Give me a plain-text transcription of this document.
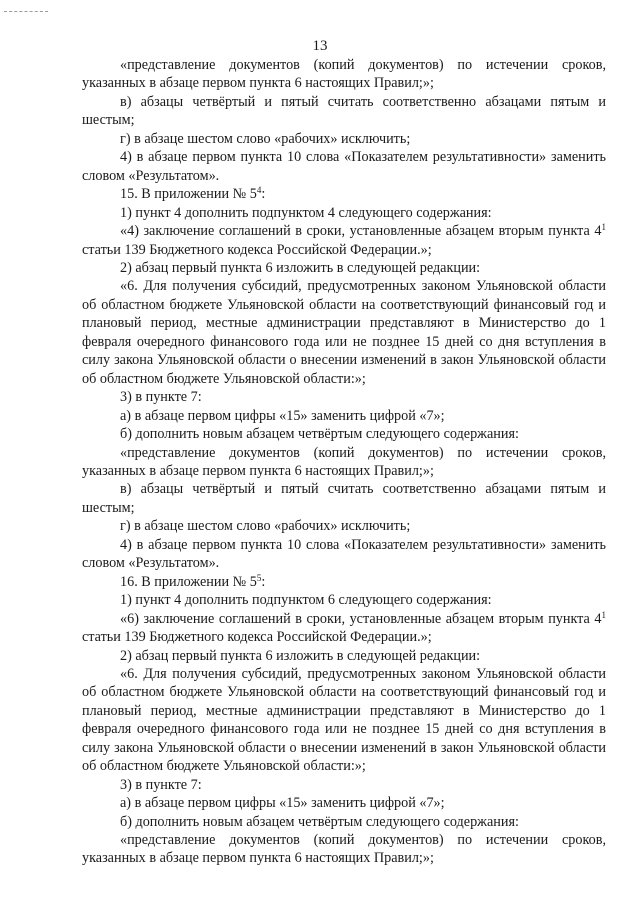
13

«представление документов (копий документов) по истечении сроков, указанных в абзаце первом пункта 6 настоящих Правил;»;

в) абзацы четвёртый и пятый считать соответственно абзацами пятым и шестым;

г) в абзаце шестом слово «рабочих» исключить;

4) в абзаце первом пункта 10 слова «Показателем результативности» заменить словом «Результатом».

15. В приложении № $5^4$:

1) пункт 4 дополнить подпунктом 4 следующего содержания:

«4) заключение соглашений в сроки, установленные абзацем вторым пункта $4^1$ статьи 139 Бюджетного кодекса Российской Федерации.»;

2) абзац первый пункта 6 изложить в следующей редакции:

«6. Для получения субсидий, предусмотренных законом Ульяновской области об областном бюджете Ульяновской области на соответствующий финансовый год и плановый период, местные администрации представляют в Министерство до 1 февраля очередного финансового года или не позднее 15 дней со дня вступления в силу закона Ульяновской области о внесении изменений в закон Ульяновской области об областном бюджете Ульяновской области:»;

3) в пункте 7:

а) в абзаце первом цифры «15» заменить цифрой «7»;

б) дополнить новым абзацем четвёртым следующего содержания:

«представление документов (копий документов) по истечении сроков, указанных в абзаце первом пункта 6 настоящих Правил;»;

в) абзацы четвёртый и пятый считать соответственно абзацами пятым и шестым;

г) в абзаце шестом слово «рабочих» исключить;

4) в абзаце первом пункта 10 слова «Показателем результативности» заменить словом «Результатом».

16. В приложении № $5^5$:

1) пункт 4 дополнить подпунктом 6 следующего содержания:

«6) заключение соглашений в сроки, установленные абзацем вторым пункта $4^1$ статьи 139 Бюджетного кодекса Российской Федерации.»;

2) абзац первый пункта 6 изложить в следующей редакции:

«6. Для получения субсидий, предусмотренных законом Ульяновской области об областном бюджете Ульяновской области на соответствующий финансовый год и плановый период, местные администрации представляют в Министерство до 1 февраля очередного финансового года или не позднее 15 дней со дня вступления в силу закона Ульяновской области о внесении изменений в закон Ульяновской области об областном бюджете Ульяновской области:»;

3) в пункте 7:

а) в абзаце первом цифры «15» заменить цифрой «7»;

б) дополнить новым абзацем четвёртым следующего содержания:

«представление документов (копий документов) по истечении сроков, указанных в абзаце первом пункта 6 настоящих Правил;»;
